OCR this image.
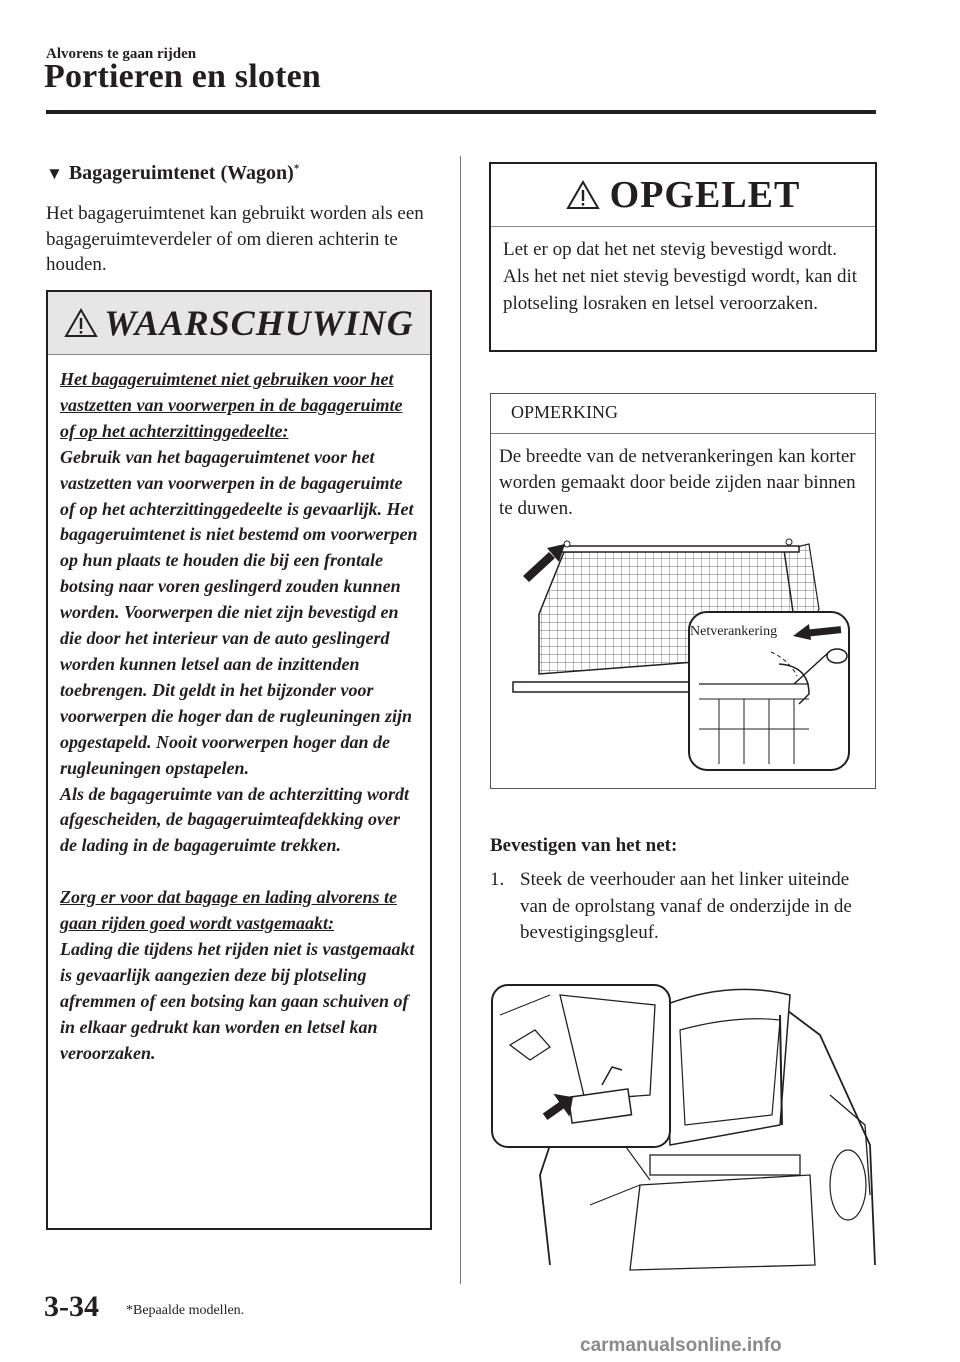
Alvorens te gaan rijden
Portieren en sloten
▼ Bagageruimtenet (Wagon)*
Het bagageruimtenet kan gebruikt worden als een bagageruimteverdeler of om dieren achterin te houden.
WAARSCHUWING

Het bagageruimtenet niet gebruiken voor het vastzetten van voorwerpen in de bagageruimte of op het achterzittinggedeelte:

Gebruik van het bagageruimtenet voor het vastzetten van voorwerpen in de bagageruimte of op het achterzittinggedeelte is gevaarlijk. Het bagageruimtenet is niet bestemd om voorwerpen op hun plaats te houden die bij een frontale botsing naar voren geslingerd zouden kunnen worden. Voorwerpen die niet zijn bevestigd en die door het interieur van de auto geslingerd worden kunnen letsel aan de inzittenden toebrengen. Dit geldt in het bijzonder voor voorwerpen die hoger dan de rugleuningen zijn opgestapeld. Nooit voorwerpen hoger dan de rugleuningen opstapelen.

Als de bagageruimte van de achterzitting wordt afgescheiden, de bagageruimteafdekking over de lading in de bagageruimte trekken.

Zorg er voor dat bagage en lading alvorens te gaan rijden goed wordt vastgemaakt:

Lading die tijdens het rijden niet is vastgemaakt is gevaarlijk aangezien deze bij plotseling afremmen of een botsing kan gaan schuiven of in elkaar gedrukt kan worden en letsel kan veroorzaken.

OPGELET
Let er op dat het net stevig bevestigd wordt. Als het net niet stevig bevestigd wordt, kan dit plotseling losraken en letsel veroorzaken.
OPMERKING
De breedte van de netverankeringen kan korter worden gemaakt door beide zijden naar binnen te duwen.
Netverankering
Bevestigen van het net:
1. Steek de veerhouder aan het linker uiteinde van de oprolstang vanaf de onderzijde in de bevestigingsgleuf.
3-34 *Bepaalde modellen.
carmanualsonline.info
